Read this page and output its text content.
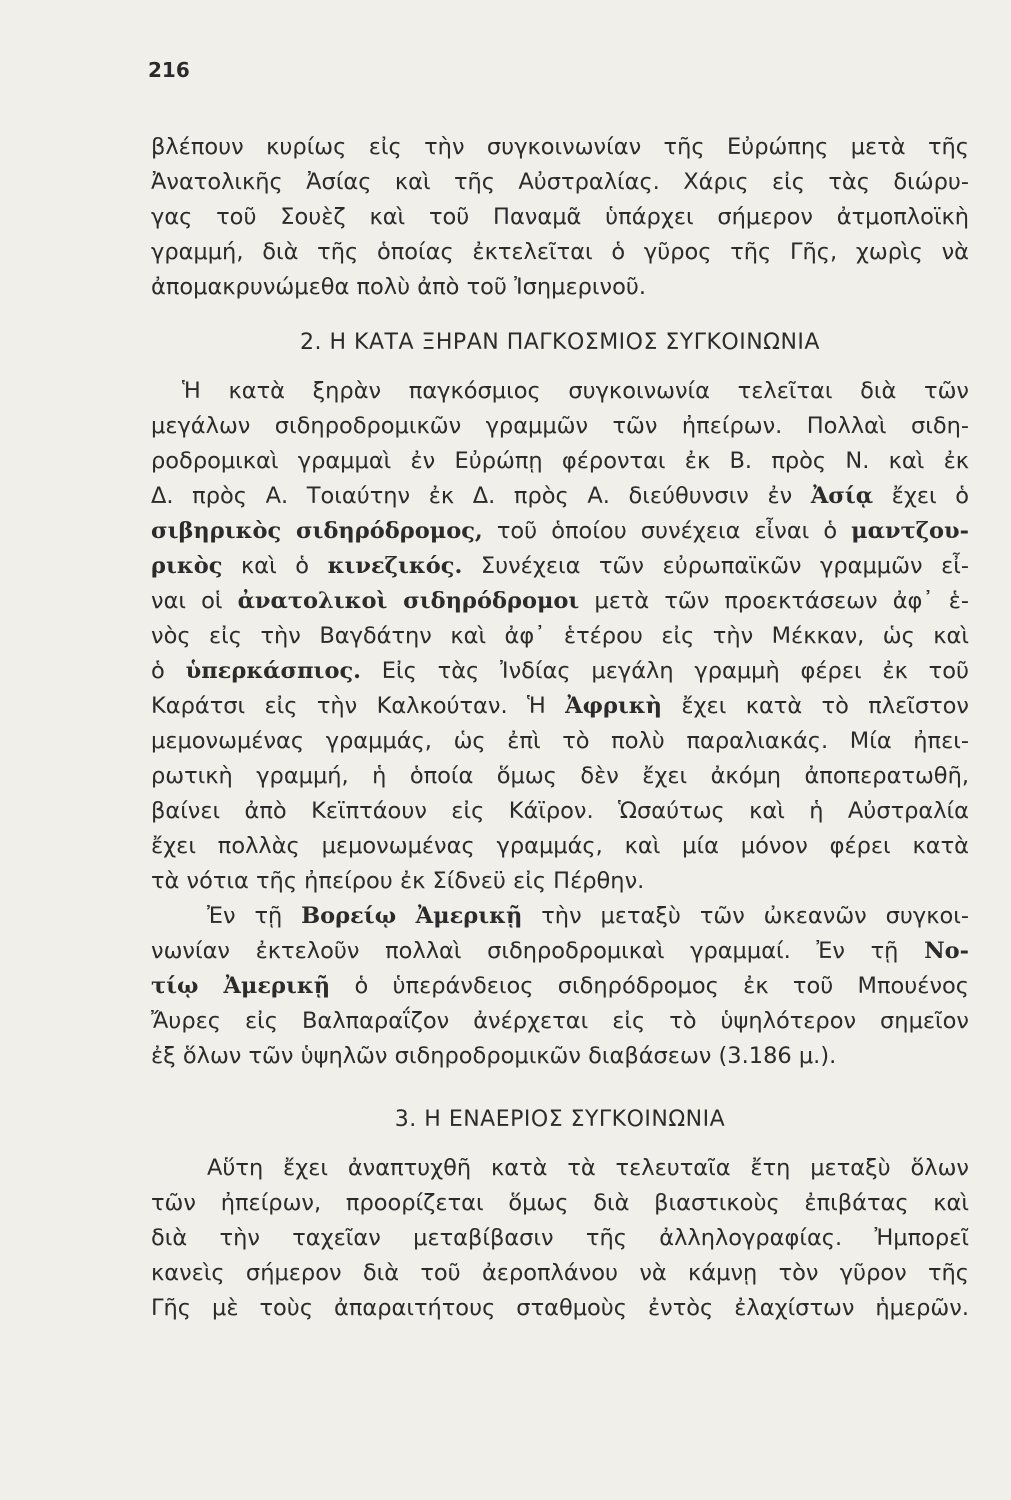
216
βλέπουν κυρίως εἰς τὴν συγκοινωνίαν τῆς Εὐρώπης μετὰ τῆς
Ἀνατολικῆς Ἀσίας καὶ τῆς Αὐστραλίας. Χάρις εἰς τὰς διώρυ-
γας τοῦ Σουὲζ καὶ τοῦ Παναμᾶ ὑπάρχει σήμερον ἀτμοπλοϊκὴ
γραμμή, διὰ τῆς ὁποίας ἐκτελεῖται ὁ γῦρος τῆς Γῆς, χωρὶς νὰ
ἀπομακρυνώμεθα πολὺ ἀπὸ τοῦ Ἰσημερινοῦ.
2. Η ΚΑΤΑ ΞΗΡΑΝ ΠΑΓΚΟΣΜΙΟΣ ΣΥΓΚΟΙΝΩΝΙΑ
Ἡ κατὰ ξηρὰν παγκόσμιος συγκοινωνία τελεῖται διὰ τῶν
μεγάλων σιδηροδρομικῶν γραμμῶν τῶν ἠπείρων. Πολλαὶ σιδη-
ροδρομικαὶ γραμμαὶ ἐν Εὐρώπῃ φέρονται ἐκ Β. πρὸς Ν. καὶ ἐκ
Δ. πρὸς Α. Τοιαύτην ἐκ Δ. πρὸς Α. διεύθυνσιν ἐν Ἀσίᾳ ἔχει ὁ
σιβηρικὸς σιδηρόδρομος, τοῦ ὁποίου συνέχεια εἶναι ὁ μαντζου-
ρικὸς καὶ ὁ κινεζικός. Συνέχεια τῶν εὐρωπαϊκῶν γραμμῶν εἶ-
ναι οἱ ἀνατολικοὶ σιδηρόδρομοι μετὰ τῶν προεκτάσεων ἀφ᾽ ἑ-
νὸς εἰς τὴν Βαγδάτην καὶ ἀφ᾽ ἑτέρου εἰς τὴν Μέκκαν, ὡς καὶ
ὁ ὑπερκάσπιος. Εἰς τὰς Ἰνδίας μεγάλη γραμμὴ φέρει ἐκ τοῦ
Καράτσι εἰς τὴν Καλκούταν. Ἡ Ἀφρικὴ ἔχει κατὰ τὸ πλεῖστον
μεμονωμένας γραμμάς, ὡς ἐπὶ τὸ πολὺ παραλιακάς. Μία ἠπει-
ρωτικὴ γραμμή, ἡ ὁποία ὅμως δὲν ἔχει ἀκόμη ἀποπερατωθῆ,
βαίνει ἀπὸ Κεϊπτάουν εἰς Κάϊρον. Ὡσαύτως καὶ ἡ Αὐστραλία
ἔχει πολλὰς μεμονωμένας γραμμάς, καὶ μία μόνον φέρει κατὰ
τὰ νότια τῆς ἠπείρου ἐκ Σίδνεϋ εἰς Πέρθην.
Ἐν τῇ Βορείῳ Ἀμερικῇ τὴν μεταξὺ τῶν ὠκεανῶν συγκοι-
νωνίαν ἐκτελοῦν πολλαὶ σιδηροδρομικαὶ γραμμαί. Ἐν τῇ Νο-
τίῳ Ἀμερικῇ ὁ ὑπεράνδειος σιδηρόδρομος ἐκ τοῦ Μπουένος
Ἄυρες εἰς Βαλπαραΐζον ἀνέρχεται εἰς τὸ ὑψηλότερον σημεῖον
ἐξ ὅλων τῶν ὑψηλῶν σιδηροδρομικῶν διαβάσεων (3.186 μ.).
3. Η ΕΝΑΕΡΙΟΣ ΣΥΓΚΟΙΝΩΝΙΑ
Αὕτη ἔχει ἀναπτυχθῆ κατὰ τὰ τελευταῖα ἔτη μεταξὺ ὅλων
τῶν ἠπείρων, προορίζεται ὅμως διὰ βιαστικοὺς ἐπιβάτας καὶ
διὰ τὴν ταχεῖαν μεταβίβασιν τῆς ἀλληλογραφίας. Ἠμπορεῖ
κανεὶς σήμερον διὰ τοῦ ἀεροπλάνου νὰ κάμνῃ τὸν γῦρον τῆς
Γῆς μὲ τοὺς ἀπαραιτήτους σταθμοὺς ἐντὸς ἐλαχίστων ἡμερῶν.
